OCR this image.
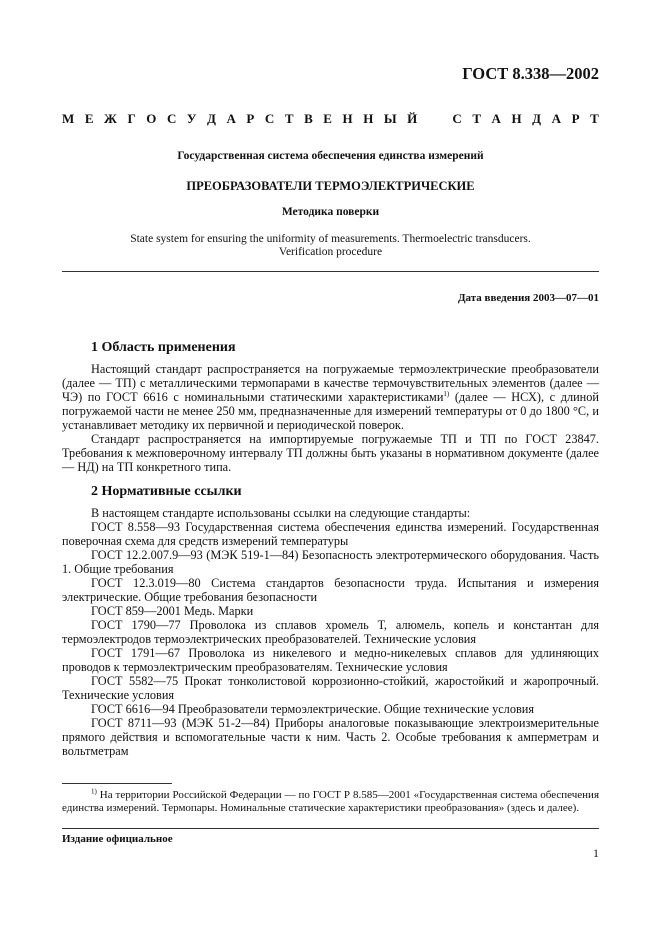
ГОСТ 8.338—2002
М Е Ж Г О С У Д А Р С Т В Е Н Н Ы Й	С Т А Н Д А Р Т
Государственная система обеспечения единства измерений
ПРЕОБРАЗОВАТЕЛИ ТЕРМОЭЛЕКТРИЧЕСКИЕ
Методика поверки
State system for ensuring the uniformity of measurements. Thermoelectric transducers.
Verification procedure
Дата введения 2003—07—01
1 Область применения

Настоящий стандарт распространяется на погружаемые термоэлектрические преобразователи (далее — ТП) с металлическими термопарами в качестве термочувствительных элементов (далее — ЧЭ) по ГОСТ 6616 с номинальными статическими характеристиками$^{1)}$ (далее — НСХ), с длиной погружаемой части не менее 250 мм, предназначенные для измерений температуры от 0 до 1800 °С, и устанавливает методику их первичной и периодической поверок.

Стандарт распространяется на импортируемые погружаемые ТП и ТП по ГОСТ 23847. Требования к межповерочному интервалу ТП должны быть указаны в нормативном документе (далее — НД) на ТП конкретного типа.

2 Нормативные ссылки

В настоящем стандарте использованы ссылки на следующие стандарты:

ГОСТ 8.558—93 Государственная система обеспечения единства измерений. Государственная поверочная схема для средств измерений температуры

ГОСТ 12.2.007.9—93 (МЭК 519-1—84) Безопасность электротермического оборудования. Часть 1. Общие требования

ГОСТ 12.3.019—80 Система стандартов безопасности труда. Испытания и измерения электрические. Общие требования безопасности

ГОСТ 859—2001 Медь. Марки

ГОСТ 1790—77 Проволока из сплавов хромель Т, алюмель, копель и константан для термоэлектродов термоэлектрических преобразователей. Технические условия

ГОСТ 1791—67 Проволока из никелевого и медно-никелевых сплавов для удлиняющих проводов к термоэлектрическим преобразователям. Технические условия

ГОСТ 5582—75 Прокат тонколистовой коррозионно-стойкий, жаростойкий и жаропрочный. Технические условия

ГОСТ 6616—94 Преобразователи термоэлектрические. Общие технические условия

ГОСТ 8711—93 (МЭК 51-2—84) Приборы аналоговые показывающие электроизмерительные прямого действия и вспомогательные части к ним. Часть 2. Особые требования к амперметрам и вольтметрам

$^{1)}$ На территории Российской Федерации — по ГОСТ Р 8.585—2001 «Государственная система обеспечения единства измерений. Термопары. Номинальные статические характеристики преобразования» (здесь и далее).
Издание официальное
1
